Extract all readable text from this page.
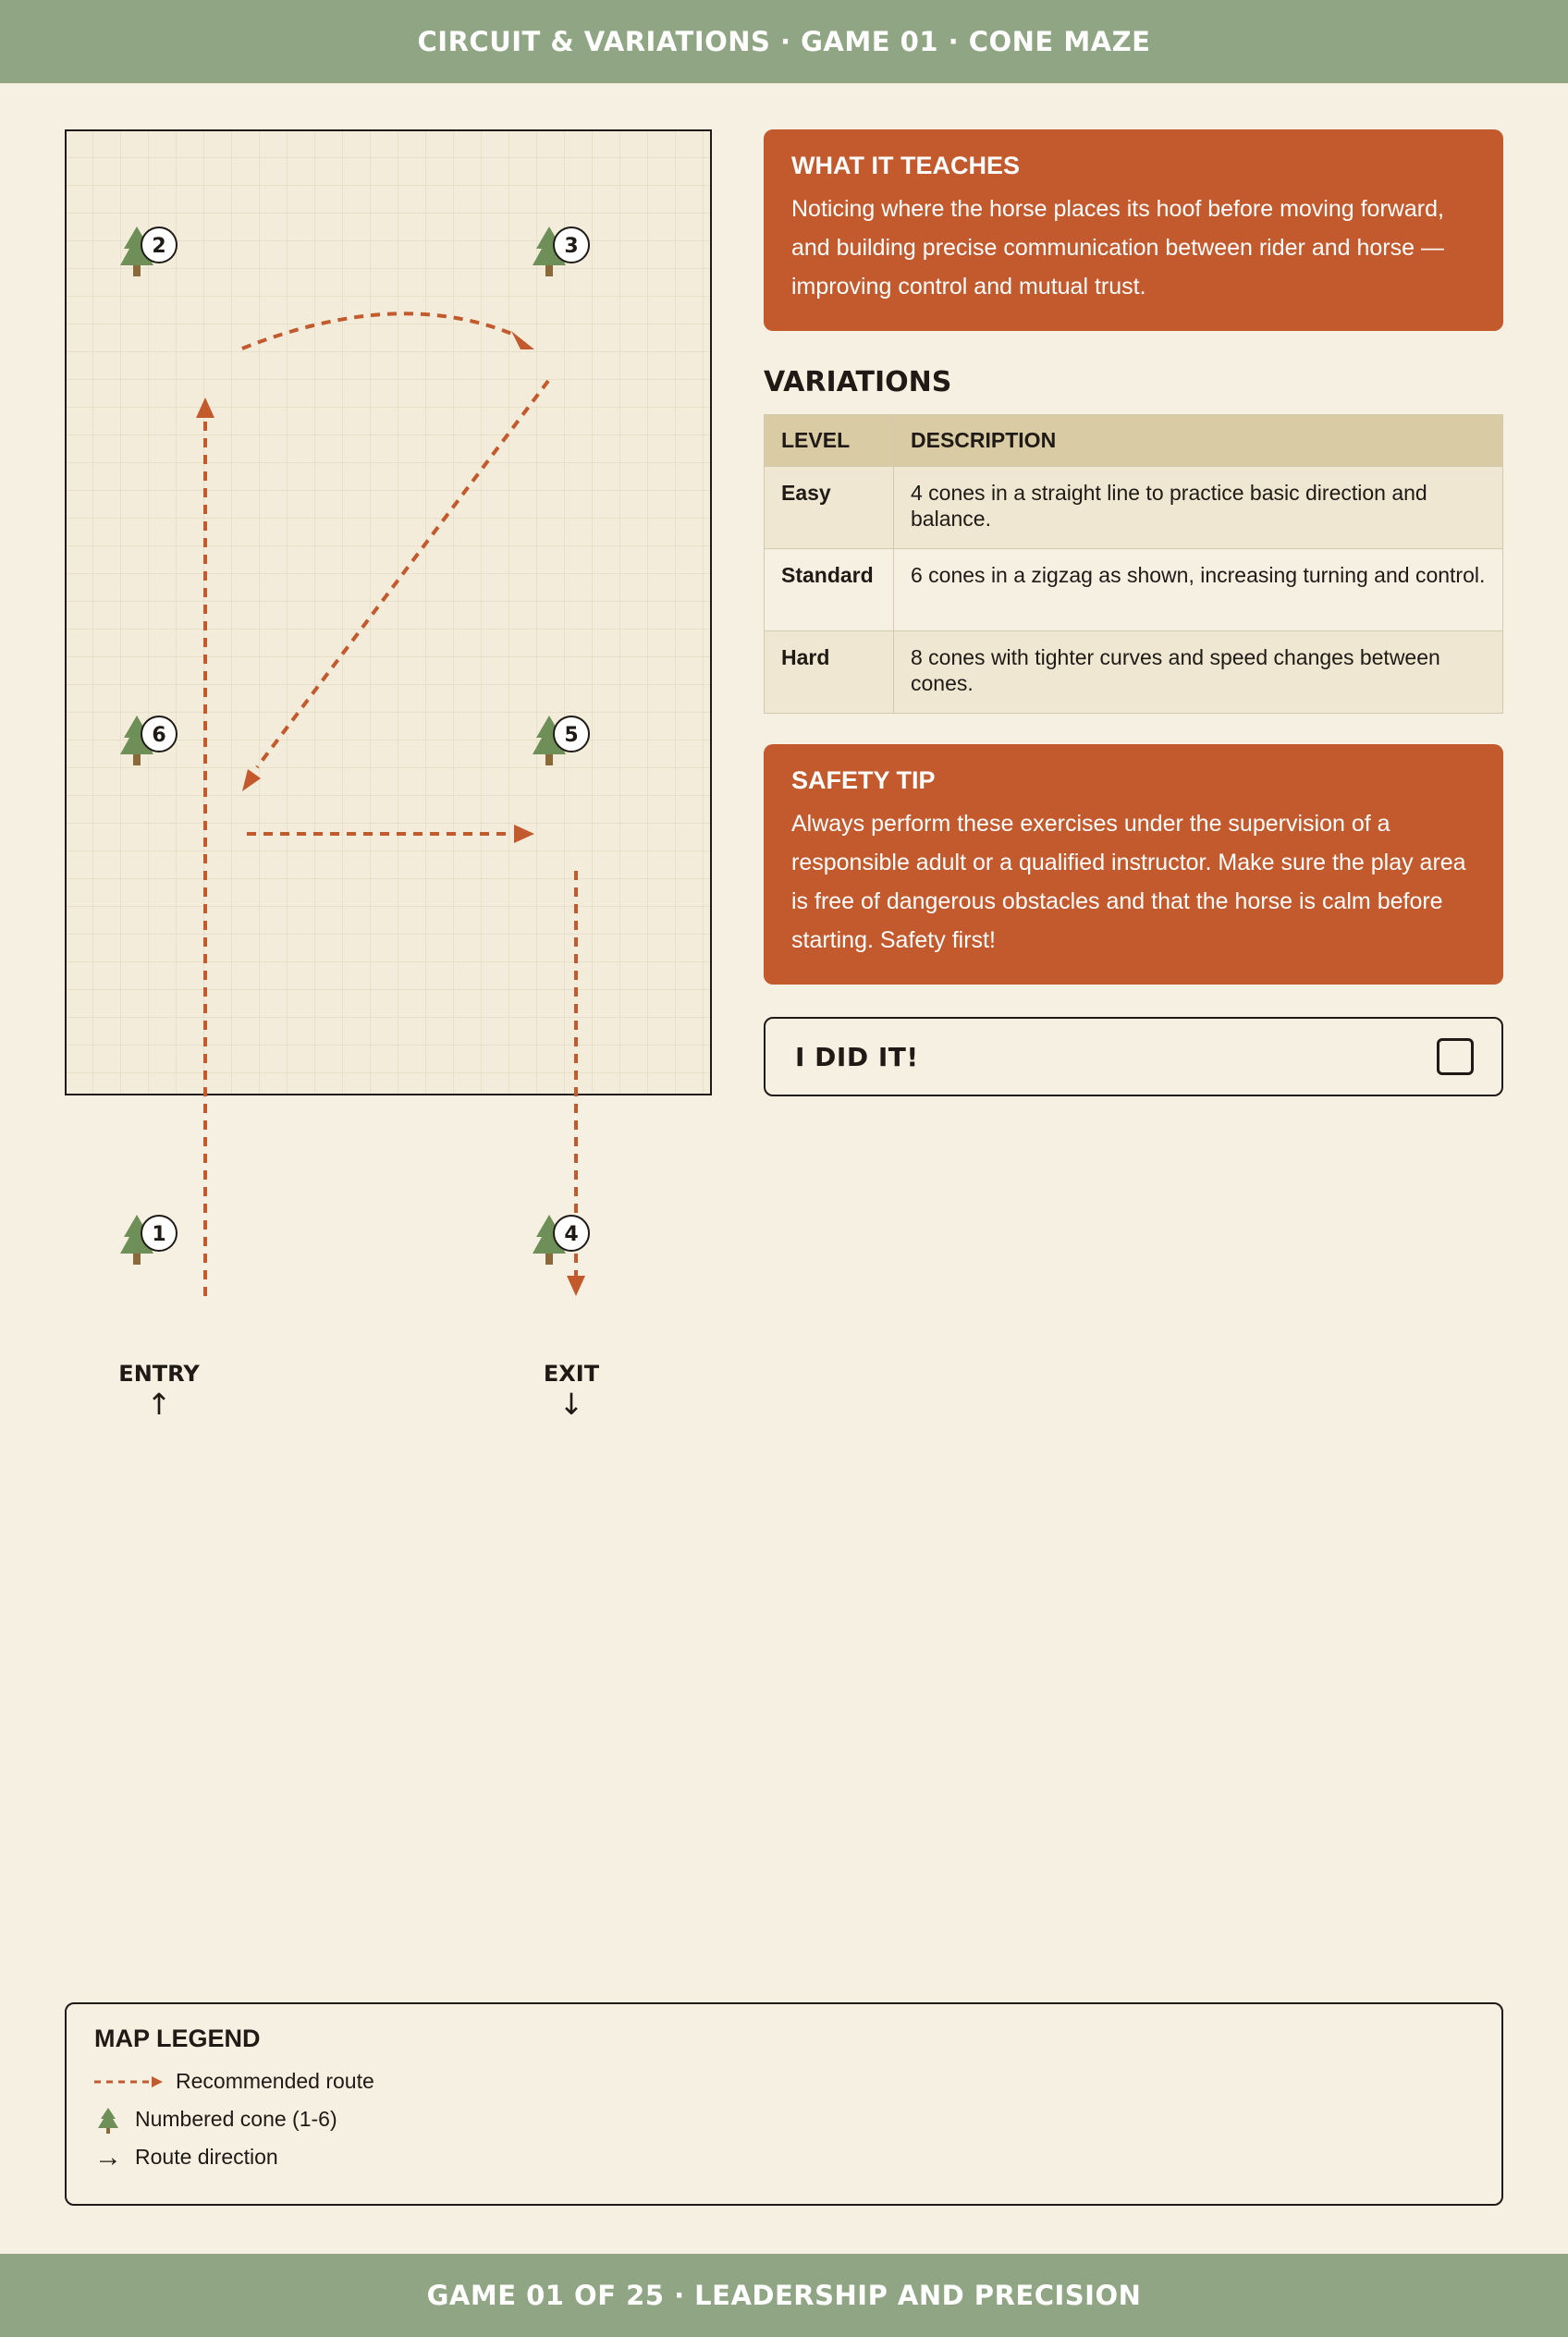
CIRCUIT & VARIATIONS · GAME 01 · CONE MAZE
2	3
6	5
1	4
ENTRY
↑
EXIT
↓
WHAT IT TEACHES
Noticing where the horse places its hoof before moving forward, and building precise communication between rider and horse — improving control and mutual trust.
VARIATIONS
LEVEL	DESCRIPTION
Easy	4 cones in a straight line to practice basic direction and balance.
Standard	6 cones in a zigzag as shown, increasing turning and control.
Hard	8 cones with tighter curves and speed changes between cones.
SAFETY TIP
Always perform these exercises under the supervision of a responsible adult or a qualified instructor. Make sure the play area is free of dangerous obstacles and that the horse is calm before starting. Safety first!
I DID IT!
MAP LEGEND
Recommended route
Numbered cone (1-6)
→ Route direction
GAME 01 OF 25 · LEADERSHIP AND PRECISION
